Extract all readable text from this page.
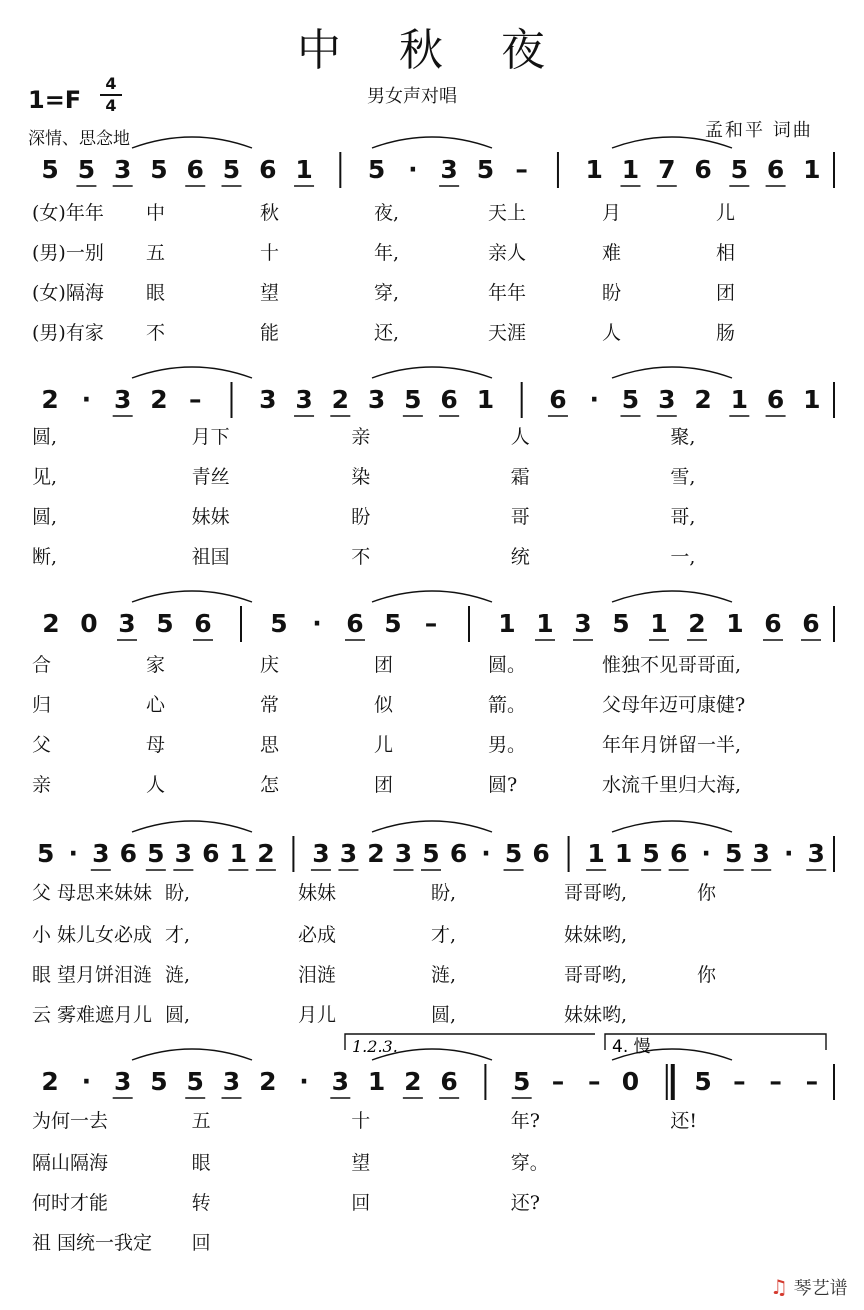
中 秋 夜
男女声对唱
1=F
4
4
深情、思念地	孟和平 词曲
5 5 3 5 6 5 6 1 5 · 3 5 – 1 1 7 6 5 6 1
2 · 3 2 – 3 3 2 3 5 6 1 6 · 5 3 2 1 6 1
2 0 3 5 6 5 · 6 5 – 1 1 3 5 1 2 1 6 6
5 · 3 6 5 3 6 1 2 3 3 2 3 5 6 · 5 6 1 1 5 6 · 5 3 · 3
2 · 3 5 5 3 2 · 3 1 2 6 5 – – 0 5 – – –
1.2.3.	4. 慢
(女)年年 中	秋	夜,	天上	月	儿
(男)一别 五	十	年,	亲人	难	相
(女)隔海 眼	望	穿,	年年	盼	团
(男)有家 不	能	还,	天涯	人	肠
圆,	月下	亲	人	聚,
见,	青丝	染	霜	雪,
圆,	妹妹	盼	哥	哥,
断,	祖国	不	统	一,
合	家	庆	团	圆。	惟独不见哥哥 面,
归	心	常	似	箭。	父母年迈可康 健?
父	母	思	儿	男。	年年月饼留一 半,
亲	人	怎	团	圆?	水流千里归大 海,
父 母思来妹妹 盼,	妹妹	盼,	哥哥哟,	你
小 妹儿女必成 才,	必成	才,	妹妹哟,
眼 望月饼泪涟 涟,	泪涟	涟,	哥哥哟,	你
云 雾难遮月儿 圆,	月儿	圆,	妹妹哟,
为何一去	五	十	年?	还!
隔山隔海	眼	望	穿。
何时才能	转	回	还?
祖 国统一我定 回
♫ 琴艺谱
